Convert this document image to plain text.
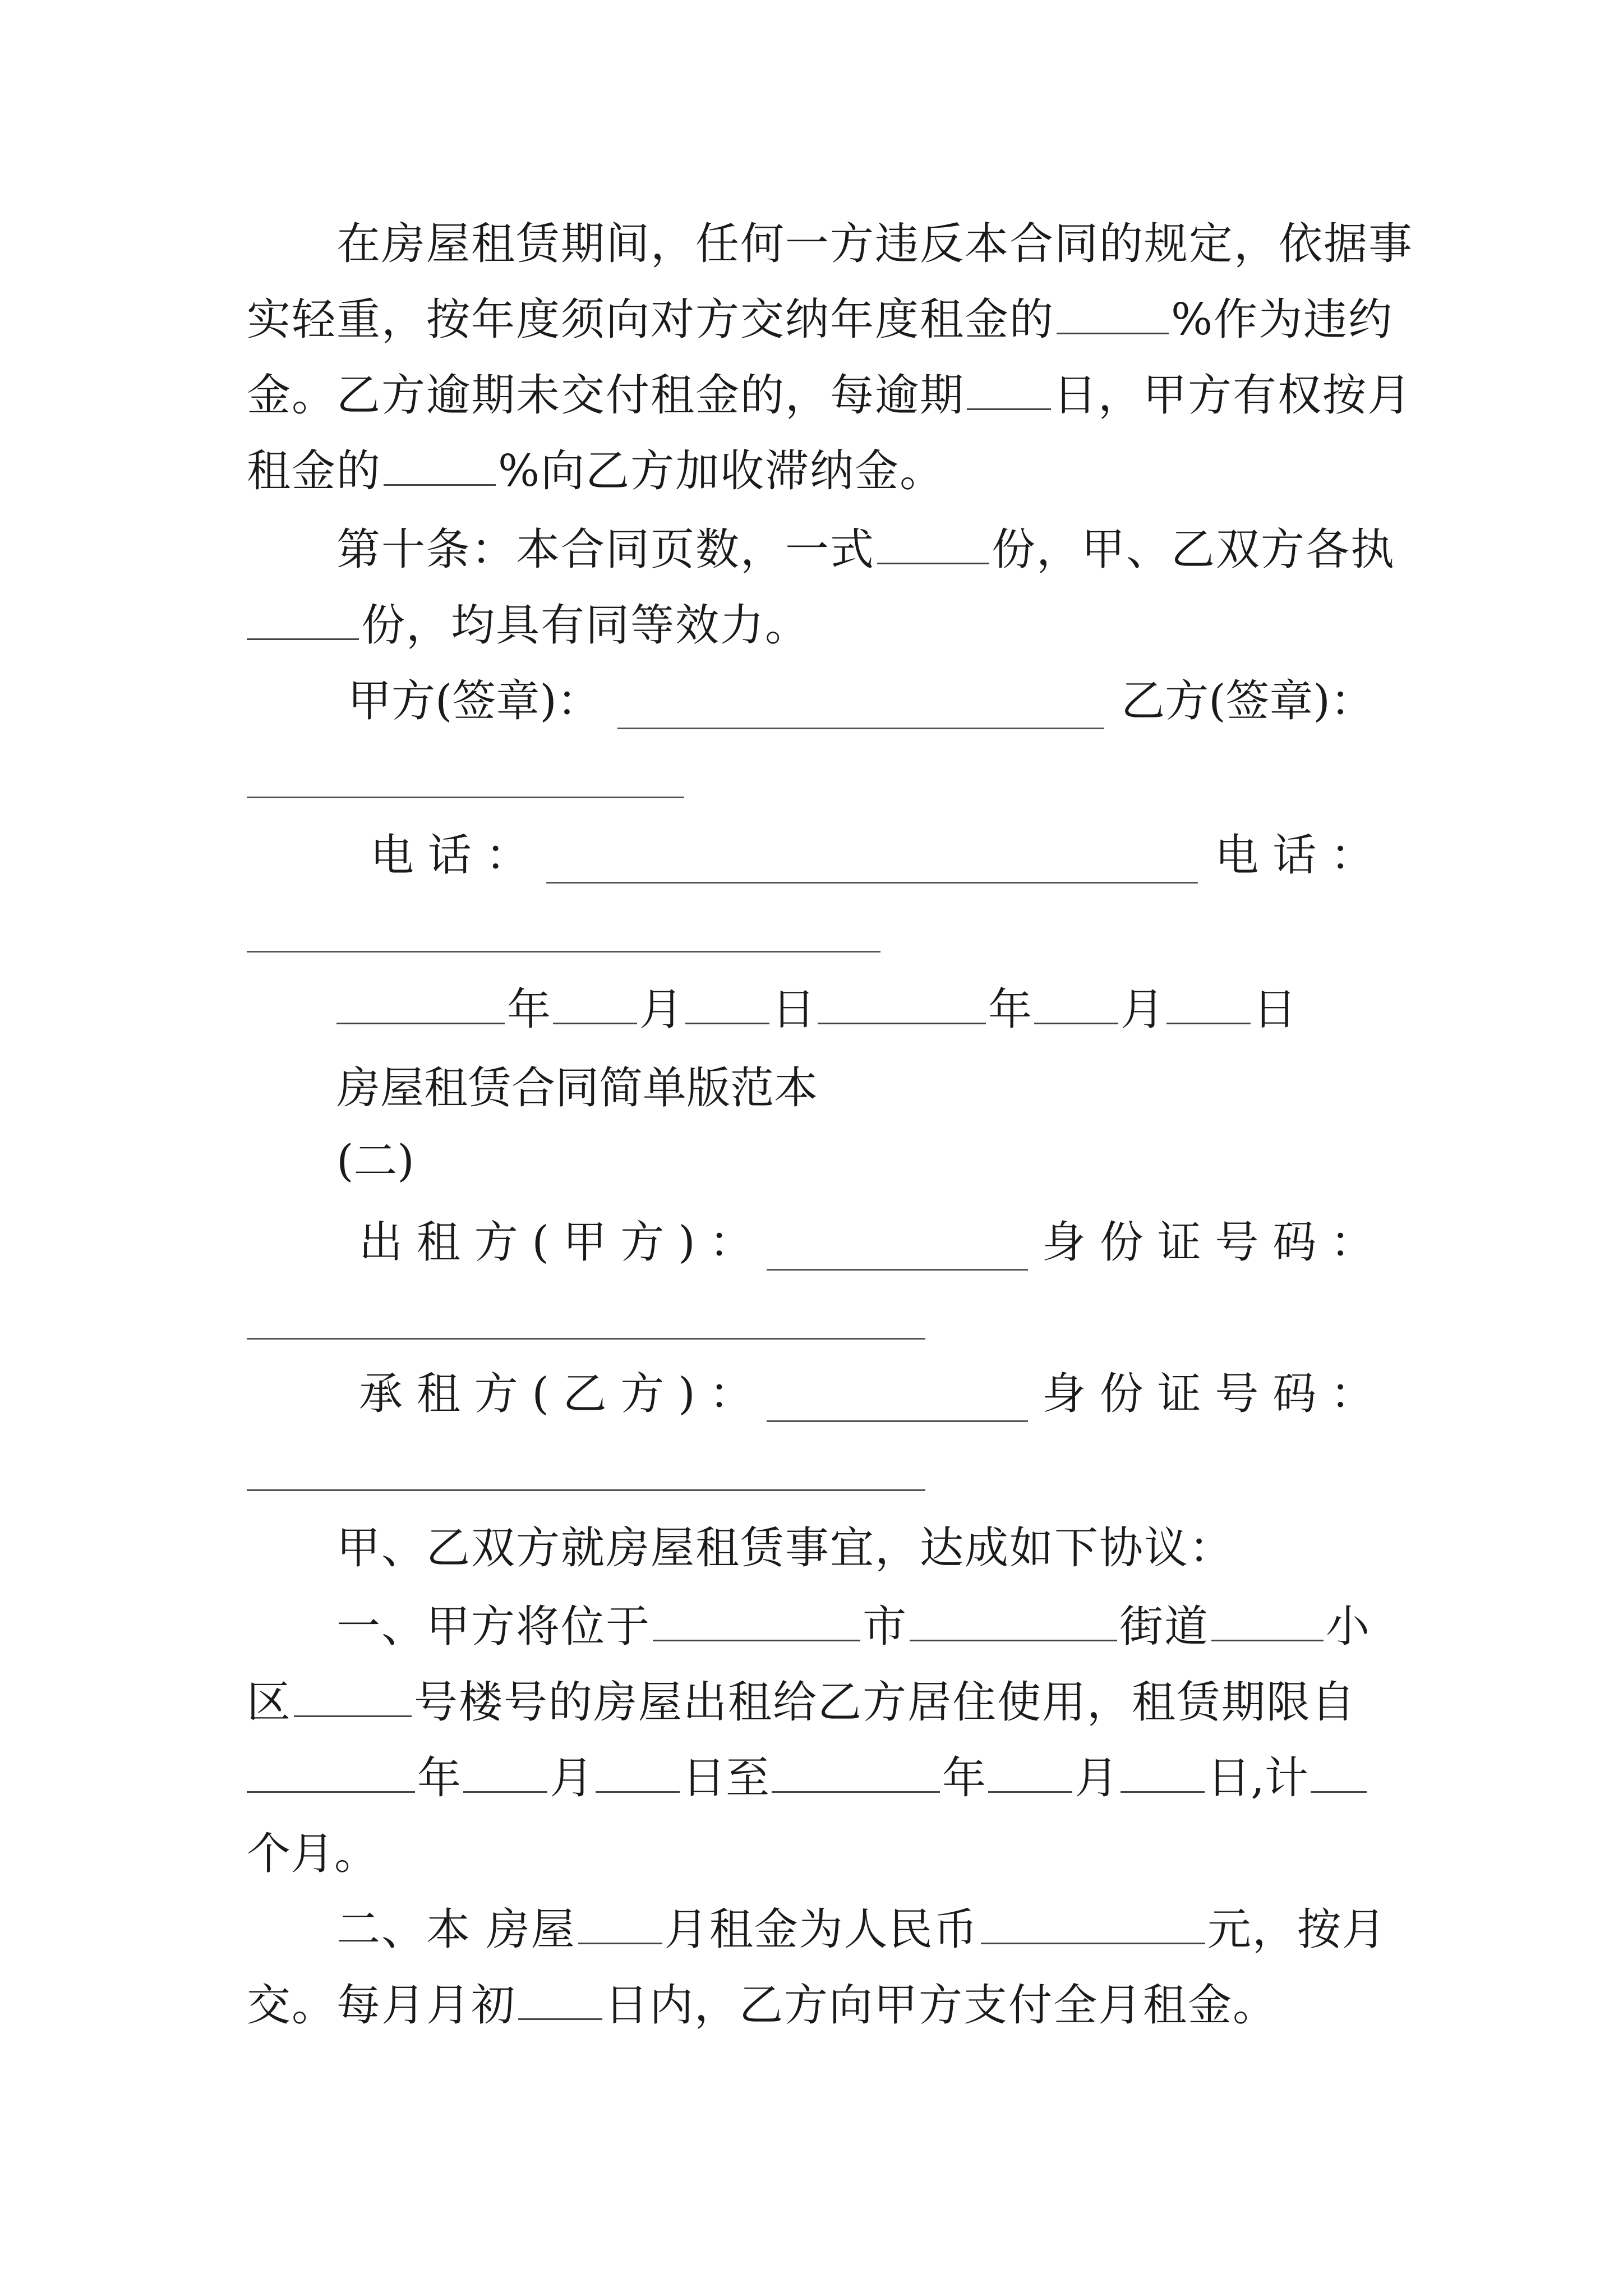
在房屋租赁期间，任何一方违反本合同的规定，依据事
实轻重，按年度须向对方交纳年度租金的	%作为违约
金。乙方逾期未交付租金的，每逾期 日，甲方有权按月
租金的	%向乙方加收滞纳金。
第十条：本合同页数，一式	份，甲、乙双方各执
份，均具有同等效力。
甲方(签章)：	乙方(签章)：
电 话 ：	电 话 ：
年 月 日	年 月 日
房屋租赁合同简单版范本
(二)
出 租 方 ( 甲 方 ) ：	身 份 证 号 码 ：
承 租 方 ( 乙 方 ) ：	身 份 证 号 码 ：
甲、乙双方就房屋租赁事宜，达成如下协议：
一、甲方将位于	市	街道	小
区	号楼号的房屋出租给乙方居住使用，租赁期限自
年 月 日至	年 月 日,计
个月。
二、本 房屋 月租金为人民币	元，按月
交。每月月初 日内，乙方向甲方支付全月租金。
